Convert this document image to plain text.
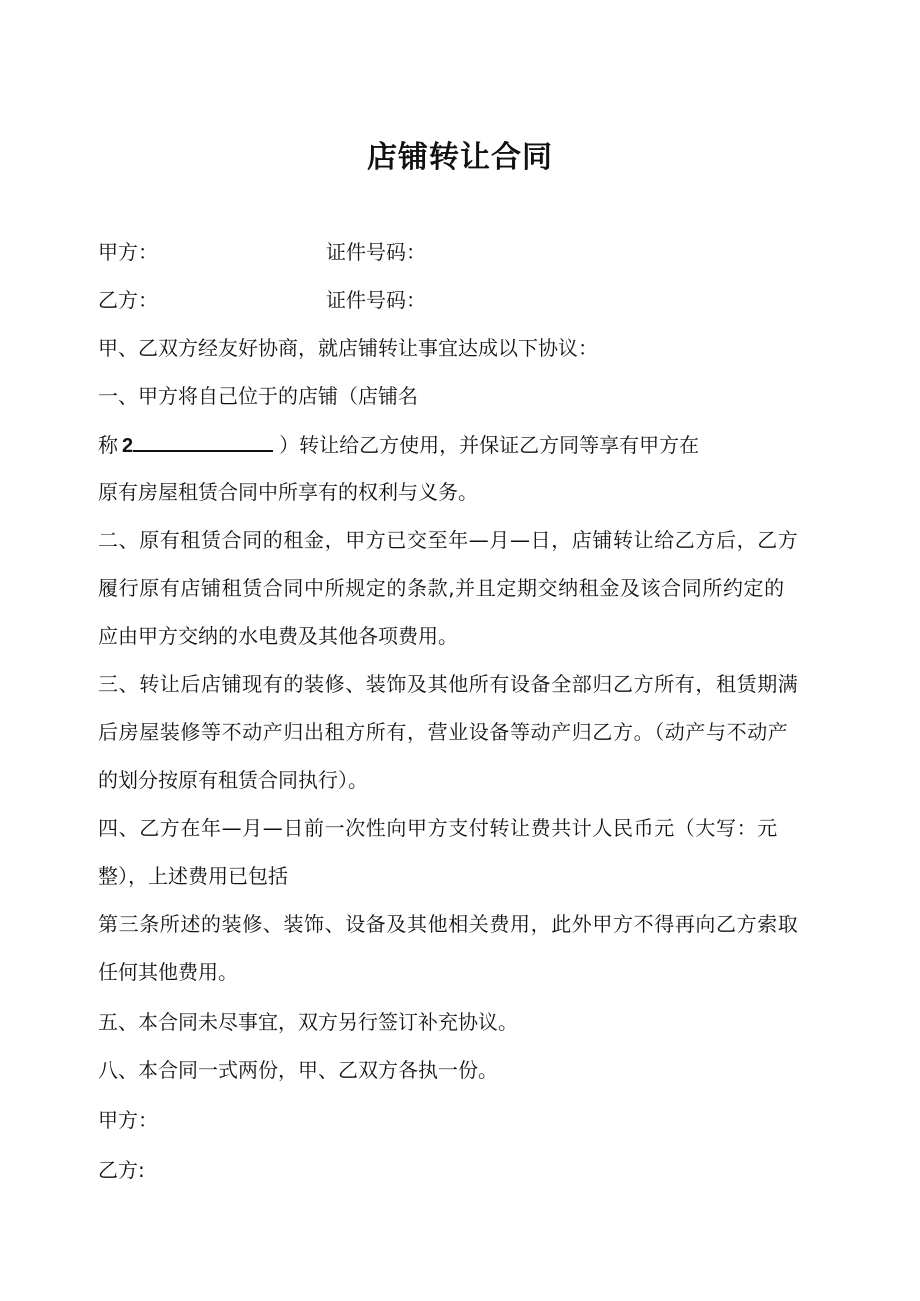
店铺转让合同
甲方：	证件号码：
乙方：	证件号码：
甲、乙双方经友好协商，就店铺转让事宜达成以下协议：
一、甲方将自己位于的店铺（店铺名
称 2	）转让给乙方使用，并保证乙方同等享有甲方在
原有房屋租赁合同中所享有的权利与义务。
二、原有租赁合同的租金，甲方已交至年—月—日，店铺转让给乙方后，乙方
履行原有店铺租赁合同中所规定的条款,并且定期交纳租金及该合同所约定的
应由甲方交纳的水电费及其他各项费用。
三、转让后店铺现有的装修、装饰及其他所有设备全部归乙方所有，租赁期满
后房屋装修等不动产归出租方所有，营业设备等动产归乙方。（动产与不动产
的划分按原有租赁合同执行）。
四、乙方在年—月—日前一次性向甲方支付转让费共计人民币元（大写：元
整），上述费用已包括
第三条所述的装修、装饰、设备及其他相关费用，此外甲方不得再向乙方索取
任何其他费用。
五、本合同未尽事宜，双方另行签订补充协议。
八、本合同一式两份，甲、乙双方各执一份。
甲方：
乙方:
